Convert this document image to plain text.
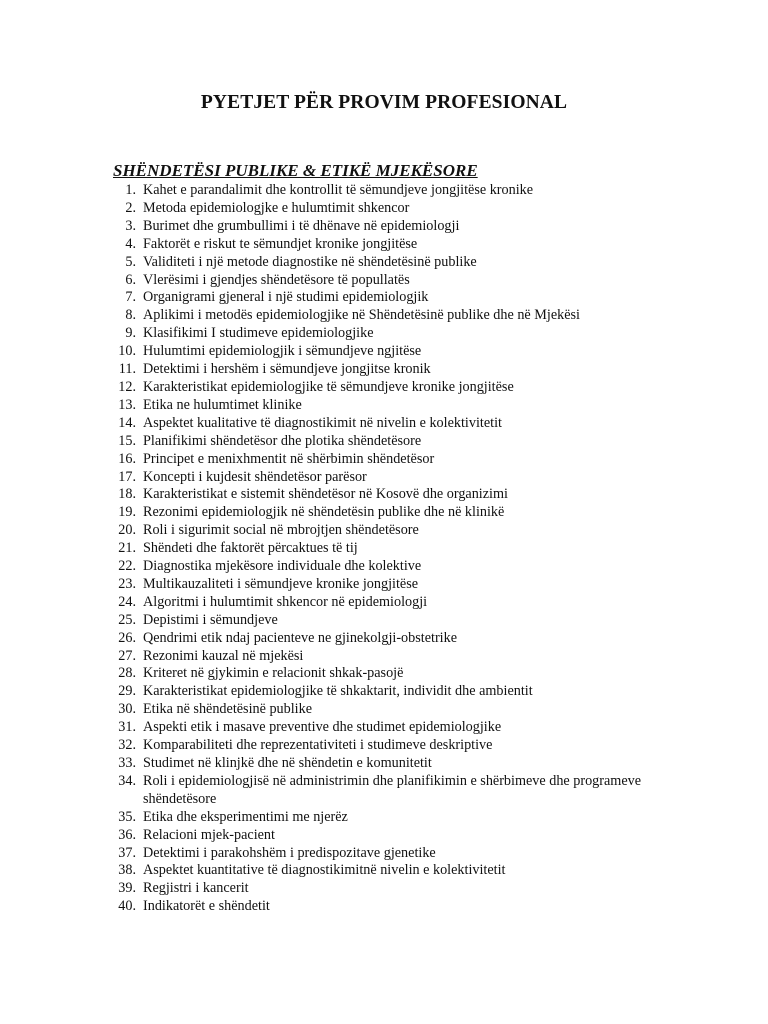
PYETJET PËR PROVIM PROFESIONAL
SHËNDETËSI PUBLIKE & ETIKË MJEKËSORE
1. Kahet e parandalimit dhe kontrollit të sëmundjeve jongjitëse kronike
2. Metoda epidemiologjke e hulumtimit shkencor
3. Burimet dhe grumbullimi i të dhënave në epidemiologji
4. Faktorët e riskut te sëmundjet kronike jongjitëse
5. Validiteti i një metode diagnostike në shëndetësinë publike
6. Vlerësimi i gjendjes shëndetësore të popullatës
7. Organigrami gjeneral i një studimi epidemiologjik
8. Aplikimi i metodës epidemiologjike në Shëndetësinë publike dhe në Mjekësi
9. Klasifikimi I studimeve epidemiologjike
10. Hulumtimi epidemiologjik i sëmundjeve ngjitëse
11. Detektimi i hershëm i sëmundjeve jongjitse kronik
12. Karakteristikat epidemiologjike të sëmundjeve kronike jongjitëse
13. Etika ne hulumtimet klinike
14. Aspektet kualitative të diagnostikimit në nivelin e kolektivitetit
15. Planifikimi shëndetësor dhe plotika shëndetësore
16. Principet e menixhmentit në shërbimin shëndetësor
17. Koncepti i kujdesit shëndetësor parësor
18. Karakteristikat e sistemit shëndetësor në Kosovë dhe organizimi
19. Rezonimi epidemiologjik në shëndetësin publike dhe në klinikë
20. Roli i sigurimit social në mbrojtjen shëndetësore
21. Shëndeti dhe faktorët përcaktues të tij
22. Diagnostika mjekësore individuale dhe kolektive
23. Multikauzaliteti i sëmundjeve kronike jongjitëse
24. Algoritmi i hulumtimit shkencor në epidemiologji
25. Depistimi i sëmundjeve
26. Qendrimi etik ndaj pacienteve ne gjinekolgji-obstetrike
27. Rezonimi kauzal në mjekësi
28. Kriteret në gjykimin e relacionit shkak-pasojë
29. Karakteristikat epidemiologjike të shkaktarit, individit dhe ambientit
30. Etika në shëndetësinë publike
31. Aspekti etik i masave preventive dhe studimet epidemiologjike
32. Komparabiliteti dhe reprezentativiteti i studimeve deskriptive
33. Studimet në klinjkë dhe në shëndetin e komunitetit
34. Roli i epidemiologjisë në administrimin dhe planifikimin e shërbimeve dhe programeve shëndetësore
35. Etika dhe eksperimentimi me njerëz
36. Relacioni mjek-pacient
37. Detektimi i parakohshëm i predispozitave gjenetike
38. Aspektet kuantitative të diagnostikimitnë nivelin e kolektivitetit
39. Regjistri i kancerit
40. Indikatorët e shëndetit
